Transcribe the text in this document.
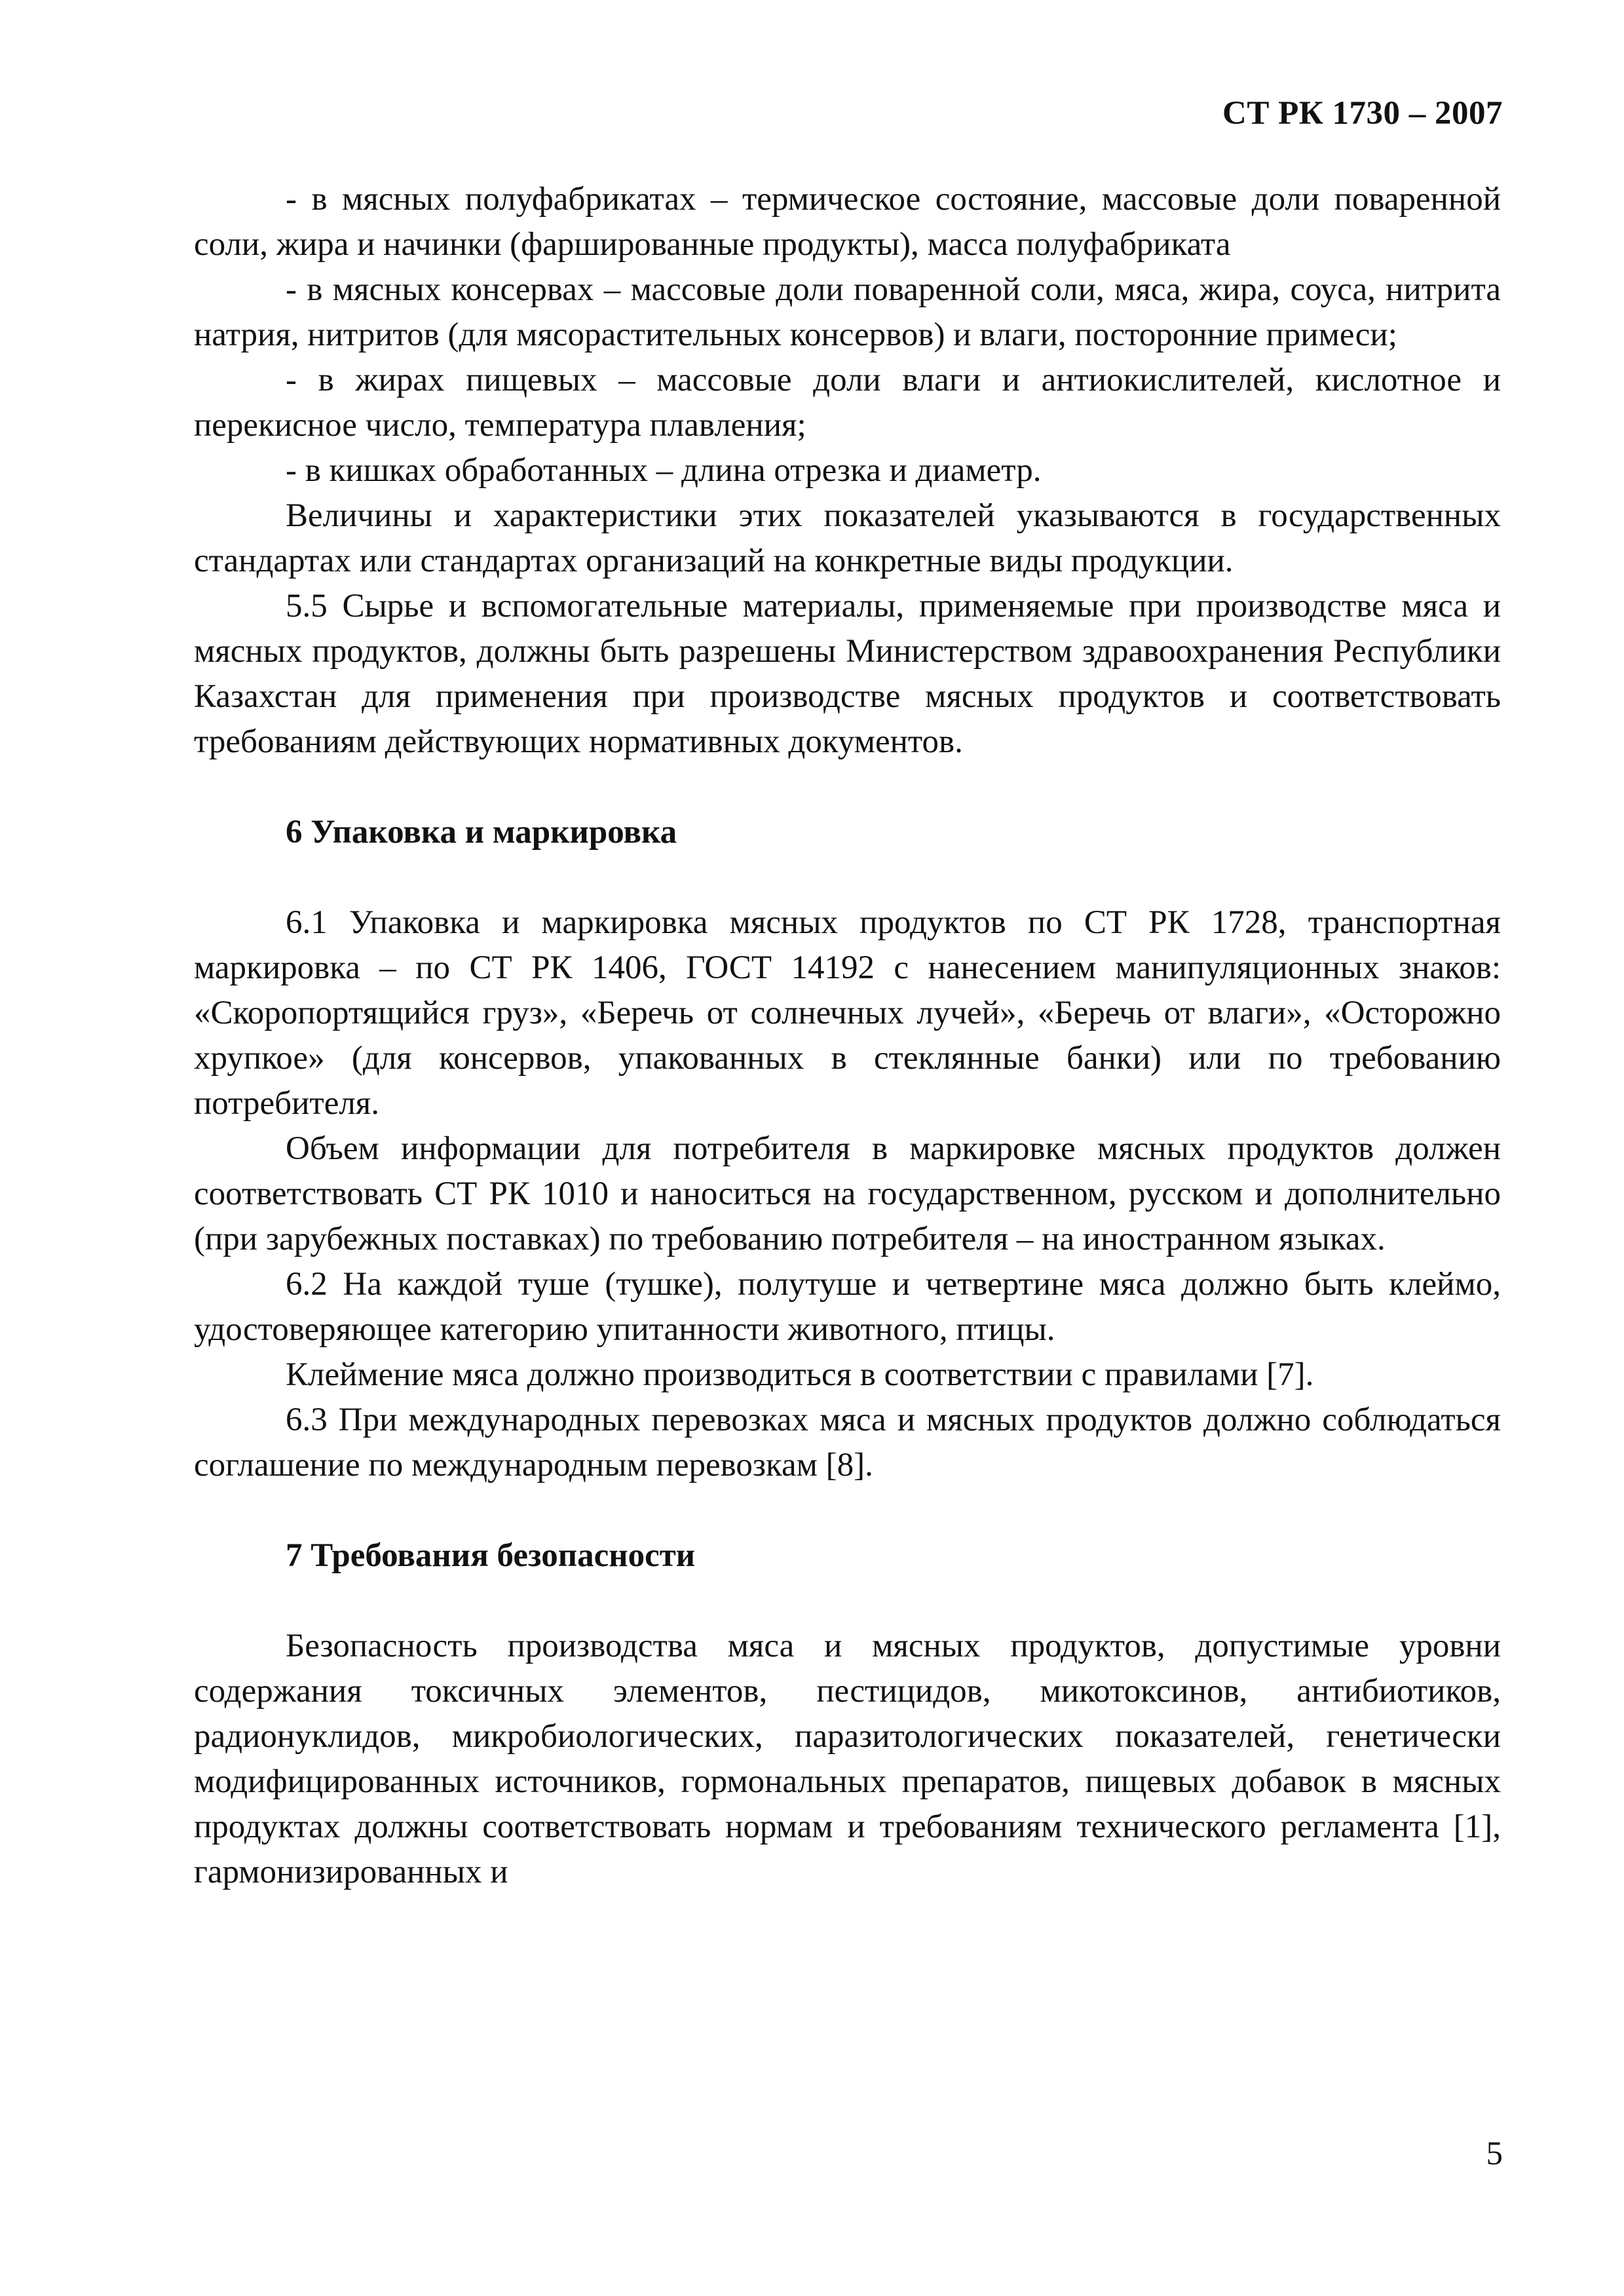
СТ РК 1730 – 2007

- в мясных полуфабрикатах – термическое состояние, массовые доли поваренной соли, жира и начинки (фаршированные продукты), масса полуфабриката

- в мясных консервах – массовые доли поваренной соли, мяса, жира, соуса, нитрита натрия, нитритов (для мясорастительных консервов) и влаги, посторонние примеси;

- в жирах пищевых – массовые доли влаги и антиокислителей, кислотное и перекисное число, температура плавления;

- в кишках обработанных – длина отрезка и диаметр.

Величины и характеристики этих показателей указываются в государственных стандартах или стандартах организаций на конкретные виды продукции.

5.5 Сырье и вспомогательные материалы, применяемые при производстве мяса и мясных продуктов, должны быть разрешены Министерством здравоохранения Республики Казахстан для применения при производстве мясных продуктов и соответствовать требованиям действующих нормативных документов.

6 Упаковка и маркировка

6.1 Упаковка и маркировка мясных продуктов по СТ РК 1728, транспортная маркировка – по СТ РК 1406, ГОСТ 14192 с нанесением манипуляционных знаков: «Скоропортящийся груз», «Беречь от солнечных лучей», «Беречь от влаги», «Осторожно хрупкое» (для консервов, упакованных в стеклянные банки) или по требованию потребителя.

Объем информации для потребителя в маркировке мясных продуктов должен соответствовать СТ РК 1010 и наноситься на государственном, русском и дополнительно (при зарубежных поставках) по требованию потребителя – на иностранном языках.

6.2 На каждой туше (тушке), полутуше и четвертине мяса должно быть клеймо, удостоверяющее категорию упитанности животного, птицы.

Клеймение мяса должно производиться в соответствии с правилами [7].

6.3 При международных перевозках мяса и мясных продуктов должно соблюдаться соглашение по международным перевозкам [8].

7 Требования безопасности

Безопасность производства мяса и мясных продуктов, допустимые уровни содержания токсичных элементов, пестицидов, микотоксинов, антибиотиков, радионуклидов, микробиологических, паразитологических показателей, генетически модифицированных источников, гормональных препаратов, пищевых добавок в мясных продуктах должны соответствовать нормам и требованиям технического регламента [1], гармонизированных и

5
